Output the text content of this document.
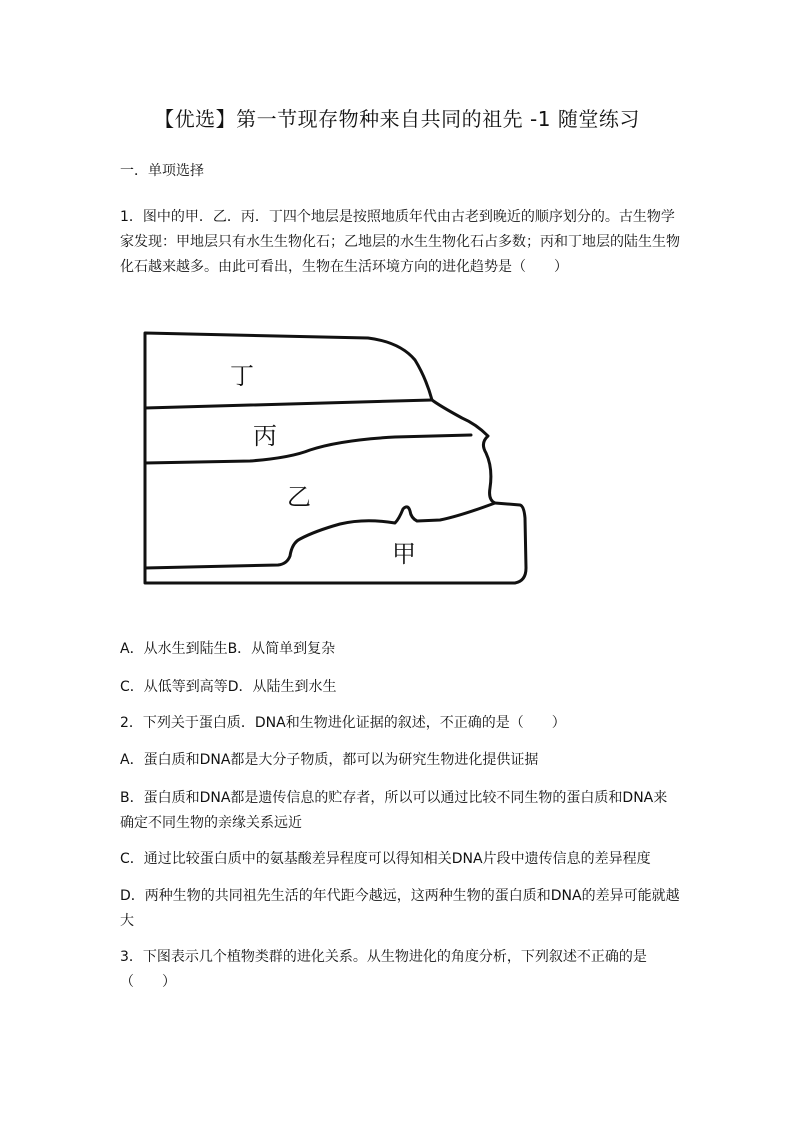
【优选】第一节现存物种来自共同的祖先 -1 随堂练习
一．单项选择
1．图中的甲．乙．丙．丁四个地层是按照地质年代由古老到晚近的顺序划分的。古生物学家发现：甲地层只有水生生物化石；乙地层的水生生物化石占多数；丙和丁地层的陆生生物化石越来越多。由此可看出，生物在生活环境方向的进化趋势是（　　）
丁
丙
乙
甲
A．从水生到陆生B．从简单到复杂
C．从低等到高等D．从陆生到水生
2．下列关于蛋白质．DNA和生物进化证据的叙述，不正确的是（　　）
A．蛋白质和DNA都是大分子物质，都可以为研究生物进化提供证据
B．蛋白质和DNA都是遗传信息的贮存者，所以可以通过比较不同生物的蛋白质和DNA来确定不同生物的亲缘关系远近
C．通过比较蛋白质中的氨基酸差异程度可以得知相关DNA片段中遗传信息的差异程度
D．两种生物的共同祖先生活的年代距今越远，这两种生物的蛋白质和DNA的差异可能就越大
3．下图表示几个植物类群的进化关系。从生物进化的角度分析，下列叙述不正确的是（　　）
